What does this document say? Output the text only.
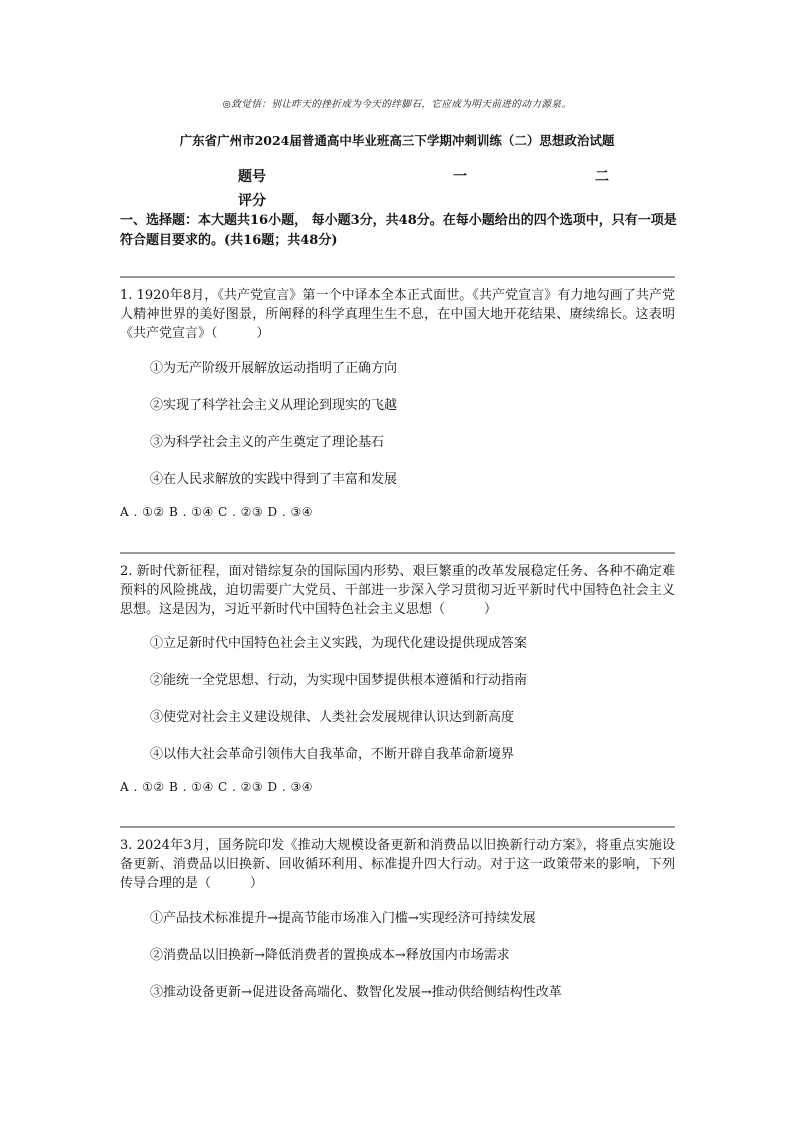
◎致觉悟：别让昨天的挫折成为今天的绊脚石，它应成为明天前进的动力源泉。
广东省广州市2024届普通高中毕业班高三下学期冲刺训练（二）思想政治试题
题号	一	二
评分
一、选择题：本大题共16小题， 每小题3分，共48分。在每小题给出的四个选项中，只有一项是符合题目要求的。(共16题；共48分)
1. 1920年8月，《共产党宣言》第一个中译本全本正式面世。《共产党宣言》有力地勾画了共产党人精神世界的美好图景，所阐释的科学真理生生不息，在中国大地开花结果、赓续绵长。这表明《共产党宣言》（　　　）
①为无产阶级开展解放运动指明了正确方向
②实现了科学社会主义从理论到现实的飞越
③为科学社会主义的产生奠定了理论基石
④在人民求解放的实践中得到了丰富和发展
A . ①② B . ①④ C . ②③ D . ③④
2. 新时代新征程，面对错综复杂的国际国内形势、艰巨繁重的改革发展稳定任务、各种不确定难预料的风险挑战，迫切需要广大党员、干部进一步深入学习贯彻习近平新时代中国特色社会主义思想。这是因为，习近平新时代中国特色社会主义思想（　　　）
①立足新时代中国特色社会主义实践，为现代化建设提供现成答案
②能统一全党思想、行动，为实现中国梦提供根本遵循和行动指南
③使党对社会主义建设规律、人类社会发展规律认识达到新高度
④以伟大社会革命引领伟大自我革命，不断开辟自我革命新境界
A . ①② B . ①④ C . ②③ D . ③④
3. 2024年3月，国务院印发《推动大规模设备更新和消费品以旧换新行动方案》，将重点实施设备更新、消费品以旧换新、回收循环利用、标准提升四大行动。对于这一政策带来的影响，下列传导合理的是（　　　）
①产品技术标准提升→提高节能市场准入门槛→实现经济可持续发展
②消费品以旧换新→降低消费者的置换成本→释放国内市场需求
③推动设备更新→促进设备高端化、数智化发展→推动供给侧结构性改革
